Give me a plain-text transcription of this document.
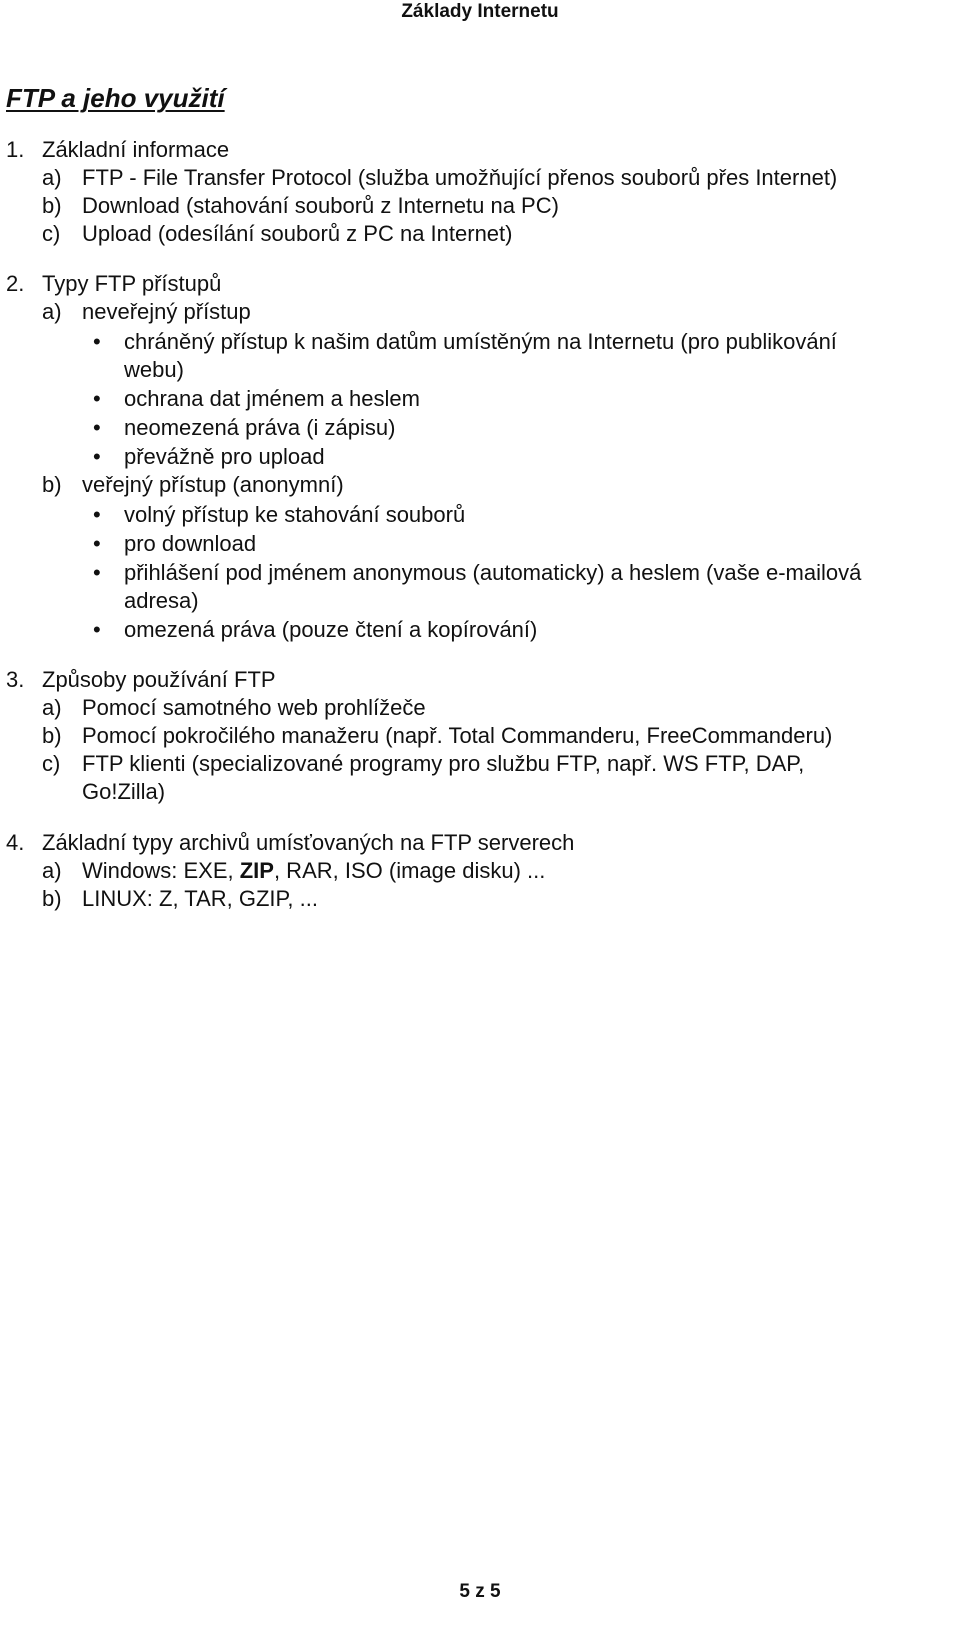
Základy Internetu
FTP a jeho využití
1. Základní informace
a) FTP - File Transfer Protocol (služba umožňující přenos souborů přes Internet)
b) Download (stahování souborů z Internetu na PC)
c) Upload (odesílání souborů z PC na Internet)
2. Typy FTP přístupů
a) neveřejný přístup
• chráněný přístup k našim datům umístěným na Internetu (pro publikování
webu)
• ochrana dat jménem a heslem
• neomezená práva (i zápisu)
• převážně pro upload
b) veřejný přístup (anonymní)
• volný přístup ke stahování souborů
• pro download
• přihlášení pod jménem anonymous (automaticky) a heslem (vaše e-mailová
adresa)
• omezená práva (pouze čtení a kopírování)
3. Způsoby používání FTP
a) Pomocí samotného web prohlížeče
b) Pomocí pokročilého manažeru (např. Total Commanderu, FreeCommanderu)
c) FTP klienti (specializované programy pro službu FTP, např. WS FTP, DAP,
Go!Zilla)
4. Základní typy archivů umísťovaných na FTP serverech
a) Windows: EXE, ZIP, RAR, ISO (image disku) ...
b) LINUX: Z, TAR, GZIP, ...
5 z 5
